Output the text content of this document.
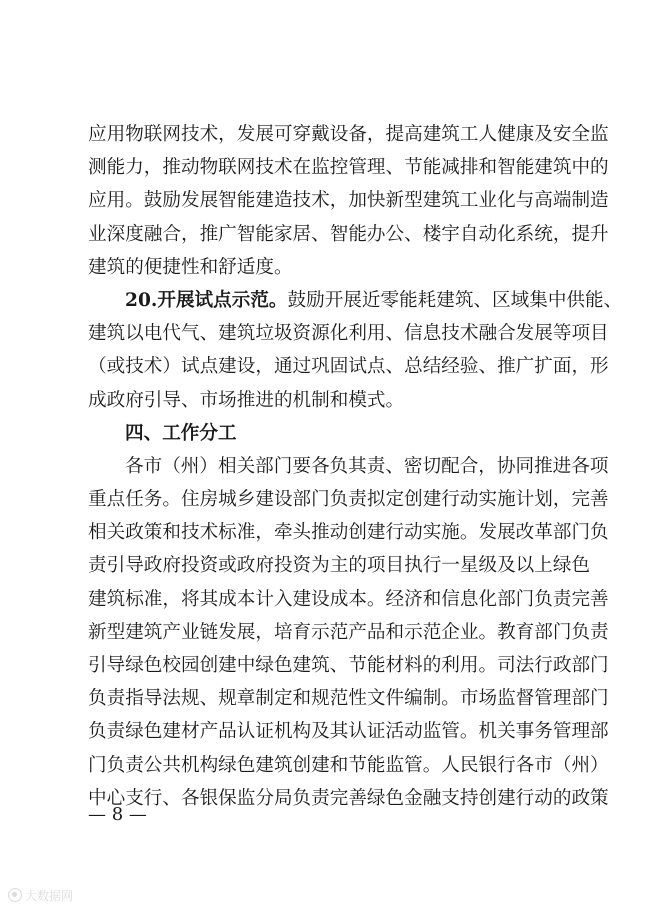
应用物联网技术，发展可穿戴设备，提高建筑工人健康及安全监
测能力，推动物联网技术在监控管理、节能减排和智能建筑中的
应用。鼓励发展智能建造技术，加快新型建筑工业化与高端制造
业深度融合，推广智能家居、智能办公、楼宇自动化系统，提升
建筑的便捷性和舒适度。
20.开展试点示范。鼓励开展近零能耗建筑、区域集中供能、
建筑以电代气、建筑垃圾资源化利用、信息技术融合发展等项目
（或技术）试点建设，通过巩固试点、总结经验、推广扩面，形
成政府引导、市场推进的机制和模式。
四、工作分工
各市（州）相关部门要各负其责、密切配合，协同推进各项
重点任务。住房城乡建设部门负责拟定创建行动实施计划，完善
相关政策和技术标准，牵头推动创建行动实施。发展改革部门负
责引导政府投资或政府投资为主的项目执行一星级及以上绿色
建筑标准，将其成本计入建设成本。经济和信息化部门负责完善
新型建筑产业链发展，培育示范产品和示范企业。教育部门负责
引导绿色校园创建中绿色建筑、节能材料的利用。司法行政部门
负责指导法规、规章制定和规范性文件编制。市场监督管理部门
负责绿色建材产品认证机构及其认证活动监管。机关事务管理部
门负责公共机构绿色建筑创建和节能监管。人民银行各市（州）
中心支行、各银保监分局负责完善绿色金融支持创建行动的政策
— 8 —
大数据网
